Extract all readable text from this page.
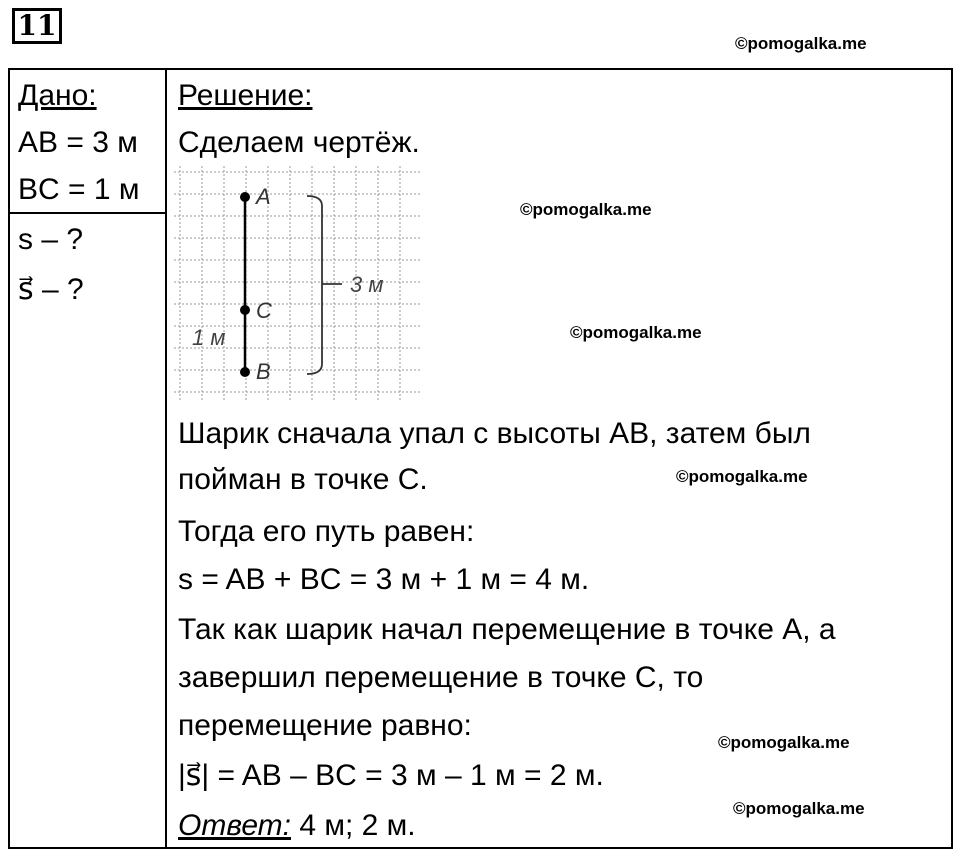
11
©pomogalka.me
©pomogalka.me
©pomogalka.me
©pomogalka.me
©pomogalka.me
©pomogalka.me
Дано:
AB = 3 м
BC = 1 м
s – ?
s⃗ – ?
Решение:
Сделаем чертёж.
A
C
B
3 м
1 м
Шарик сначала упал с высоты AB, затем был
пойман в точке C.
Тогда его путь равен:
s = AB + BC = 3 м + 1 м = 4 м.
Так как шарик начал перемещение в точке A, а
завершил перемещение в точке C, то
перемещение равно:
|s⃗| = AB – BC = 3 м – 1 м = 2 м.
Ответ: 4 м; 2 м.
